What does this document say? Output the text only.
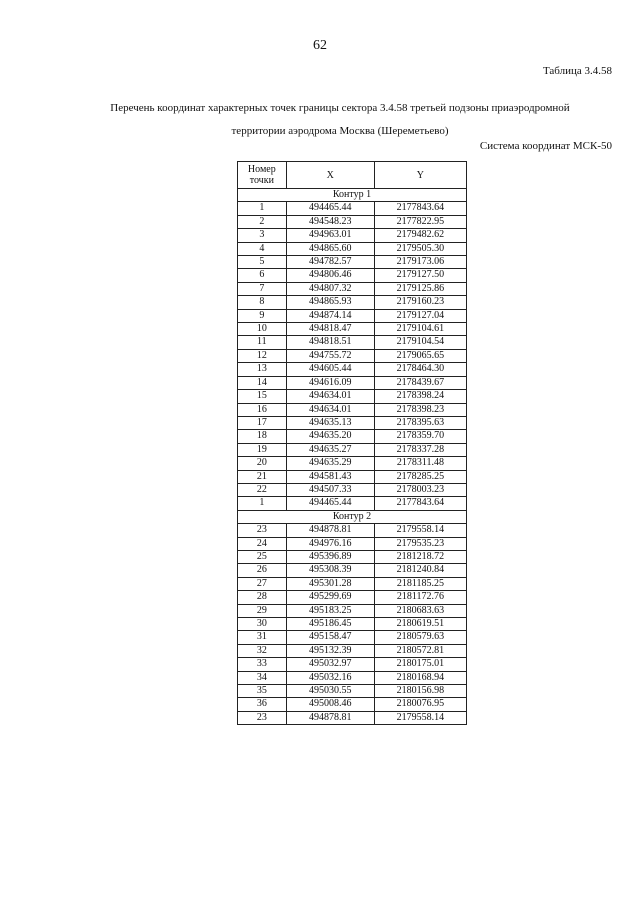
62
Таблица 3.4.58
Перечень координат характерных точек границы сектора 3.4.58 третьей подзоны приаэродромной
территории аэродрома Москва (Шереметьево)
Система координат МСК-50
Номер
точки	X	Y
Контур 1		
1	494465.44	2177843.64
2	494548.23	2177822.95
3	494963.01	2179482.62
4	494865.60	2179505.30
5	494782.57	2179173.06
6	494806.46	2179127.50
7	494807.32	2179125.86
8	494865.93	2179160.23
9	494874.14	2179127.04
10	494818.47	2179104.61
11	494818.51	2179104.54
12	494755.72	2179065.65
13	494605.44	2178464.30
14	494616.09	2178439.67
15	494634.01	2178398.24
16	494634.01	2178398.23
17	494635.13	2178395.63
18	494635.20	2178359.70
19	494635.27	2178337.28
20	494635.29	2178311.48
21	494581.43	2178285.25
22	494507.33	2178003.23
1	494465.44	2177843.64
Контур 2		
23	494878.81	2179558.14
24	494976.16	2179535.23
25	495396.89	2181218.72
26	495308.39	2181240.84
27	495301.28	2181185.25
28	495299.69	2181172.76
29	495183.25	2180683.63
30	495186.45	2180619.51
31	495158.47	2180579.63
32	495132.39	2180572.81
33	495032.97	2180175.01
34	495032.16	2180168.94
35	495030.55	2180156.98
36	495008.46	2180076.95
23	494878.81	2179558.14
